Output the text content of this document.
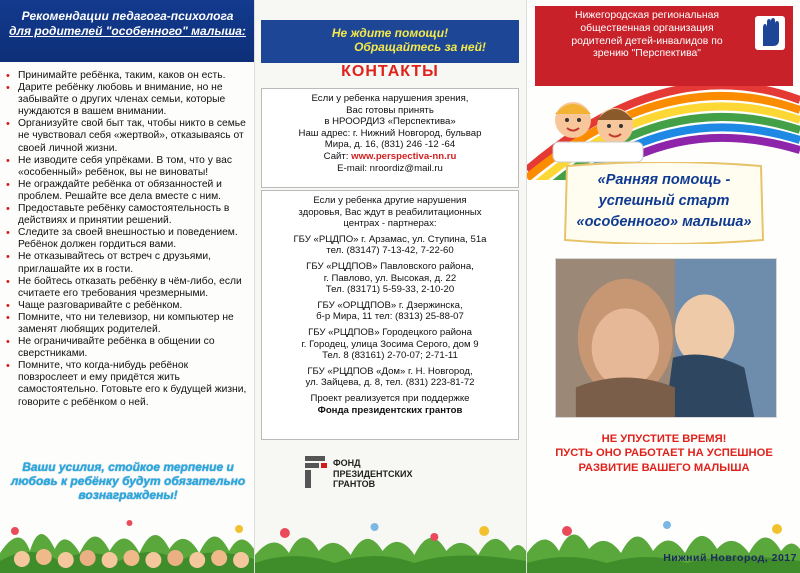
Рекомендации педагога-психолога
для родителей "особенного" малыша:
• Принимайте ребёнка, таким, каков он есть.
• Дарите ребёнку любовь и внимание, но не забывайте о других членах семьи, которые нуждаются в вашем внимании.
• Организуйте свой быт так, чтобы никто в семье не чувствовал себя «жертвой», отказываясь от своей личной жизни.
• Не изводите себя упрёками. В том, что у вас «особенный» ребёнок, вы не виноваты!
• Не ограждайте ребёнка от обязанностей и проблем. Решайте все дела вместе с ним.
• Предоставьте ребёнку самостоятельность в действиях и принятии решений.
• Следите за своей внешностью и поведением. Ребёнок должен гордиться вами.
• Не отказывайтесь от встреч с друзьями, приглашайте их в гости.
• Не бойтесь отказать ребёнку в чём-либо, если считаете его требования чрезмерными.
• Чаще разговаривайте с ребёнком.
• Помните, что ни телевизор, ни компьютер не заменят любящих родителей.
• Не ограничивайте ребёнка в общении со сверстниками.
• Помните, что когда-нибудь ребёнок повзрослеет и ему придётся жить самостоятельно. Готовьте его к будущей жизни, говорите с ребёнком о ней.
Ваши усилия, стойкое терпение и любовь к ребёнку будут обязательно вознаграждены!
Не ждите помощи!
Обращайтесь за ней!
КОНТАКТЫ
Если у ребенка нарушения зрения,
Вас готовы принять
в НРООРДИЗ «Перспектива»
Наш адрес: г. Нижний Новгород, бульвар
Мира, д. 16, (831) 246 -12 -64
Сайт: www.perspectiva-nn.ru
E-mail: nroordiz@mail.ru
Если у ребенка другие нарушения
здоровья, Вас ждут в реабилитационных
центрах - партнерах:
ГБУ «РЦДПО» г. Арзамас, ул. Ступина, 51а
тел. (83147) 7-13-42, 7-22-60
ГБУ «РЦДПОВ» Павловского района,
г. Павлово, ул. Высокая, д. 22
Тел. (83171) 5-59-33, 2-10-20
ГБУ «ОРЦДПОВ» г. Дзержинска,
б-р Мира, 11 тел: (8313) 25-88-07
ГБУ «РЦДПОВ» Городецкого района
г. Городец, улица Зосима Серого, дом 9
Тел. 8 (83161) 2-70-07; 2-71-11
ГБУ «РЦДПОВ «Дом» г. Н. Новгород,
ул. Зайцева, д. 8, тел. (831) 223-81-72
Проект реализуется при поддержке
Фонда президентских грантов
ФОНД
ПРЕЗИДЕНТСКИХ
ГРАНТОВ
Нижегородская региональная
общественная организация
родителей детей-инвалидов по
зрению "Перспектива"
«Ранняя помощь -
успешный старт
«особенного» малыша»
НЕ УПУСТИТЕ ВРЕМЯ!
ПУСТЬ ОНО РАБОТАЕТ НА УСПЕШНОЕ
РАЗВИТИЕ ВАШЕГО МАЛЫША
Нижний Новгород, 2017
